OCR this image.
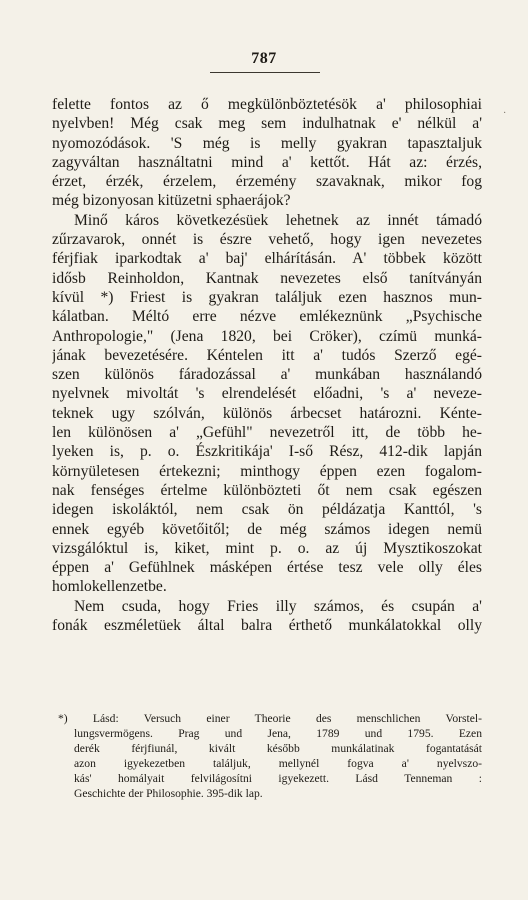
787
·
felette fontos az ő megkülönböztetésök a' philosophiai
nyelvben! Még csak meg sem indulhatnak e' nélkül a'
nyomozódások. 'S még is melly gyakran tapasztaljuk
zagyváltan használtatni mind a' kettőt. Hát az: érzés,
érzet, érzék, érzelem, érzemény szavaknak, mikor fog
még bizonyosan kitüzetni sphaerájok?
Minő káros következésüek lehetnek az innét támadó
zűrzavarok, onnét is észre vehető, hogy igen nevezetes
férjfiak iparkodtak a' baj' elhárításán. A' többek között
idősb Reinholdon, Kantnak nevezetes első tanítványán
kívül *) Friest is gyakran találjuk ezen hasznos mun-
kálatban. Méltó erre nézve emlékeznünk „Psychische
Anthropologie," (Jena 1820, bei Cröker), czímü munká-
jának bevezetésére. Kéntelen itt a' tudós Szerző egé-
szen különös fáradozással a' munkában használandó
nyelvnek mivoltát 's elrendelését előadni, 's a' neveze-
teknek ugy szólván, különös árbecset határozni. Kénte-
len különösen a' „Gefühl" nevezetről itt, de több he-
lyeken is, p. o. Észkritikája' I-ső Rész, 412-dik lapján
környületesen értekezni; minthogy éppen ezen fogalom-
nak fenséges értelme különbözteti őt nem csak egészen
idegen iskoláktól, nem csak ön példázatja Kanttól, 's
ennek egyéb követőitől; de még számos idegen nemü
vizsgálóktul is, kiket, mint p. o. az új Mysztikoszokat
éppen a' Gefühlnek másképen értése tesz vele olly éles
homlokellenzetbe.
Nem csuda, hogy Fries illy számos, és csupán a'
fonák eszméletüek által balra érthető munkálatokkal olly
*) Lásd: Versuch einer Theorie des menschlichen Vorstel-
lungsvermögens. Prag und Jena, 1789 und 1795. Ezen
derék férjfiunál, kivált később munkálatinak fogantatását
azon igyekezetben találjuk, mellynél fogva a' nyelvszo-
kás' homályait felvilágosítni igyekezett. Lásd Tenneman :
Geschichte der Philosophie. 395-dik lap.
